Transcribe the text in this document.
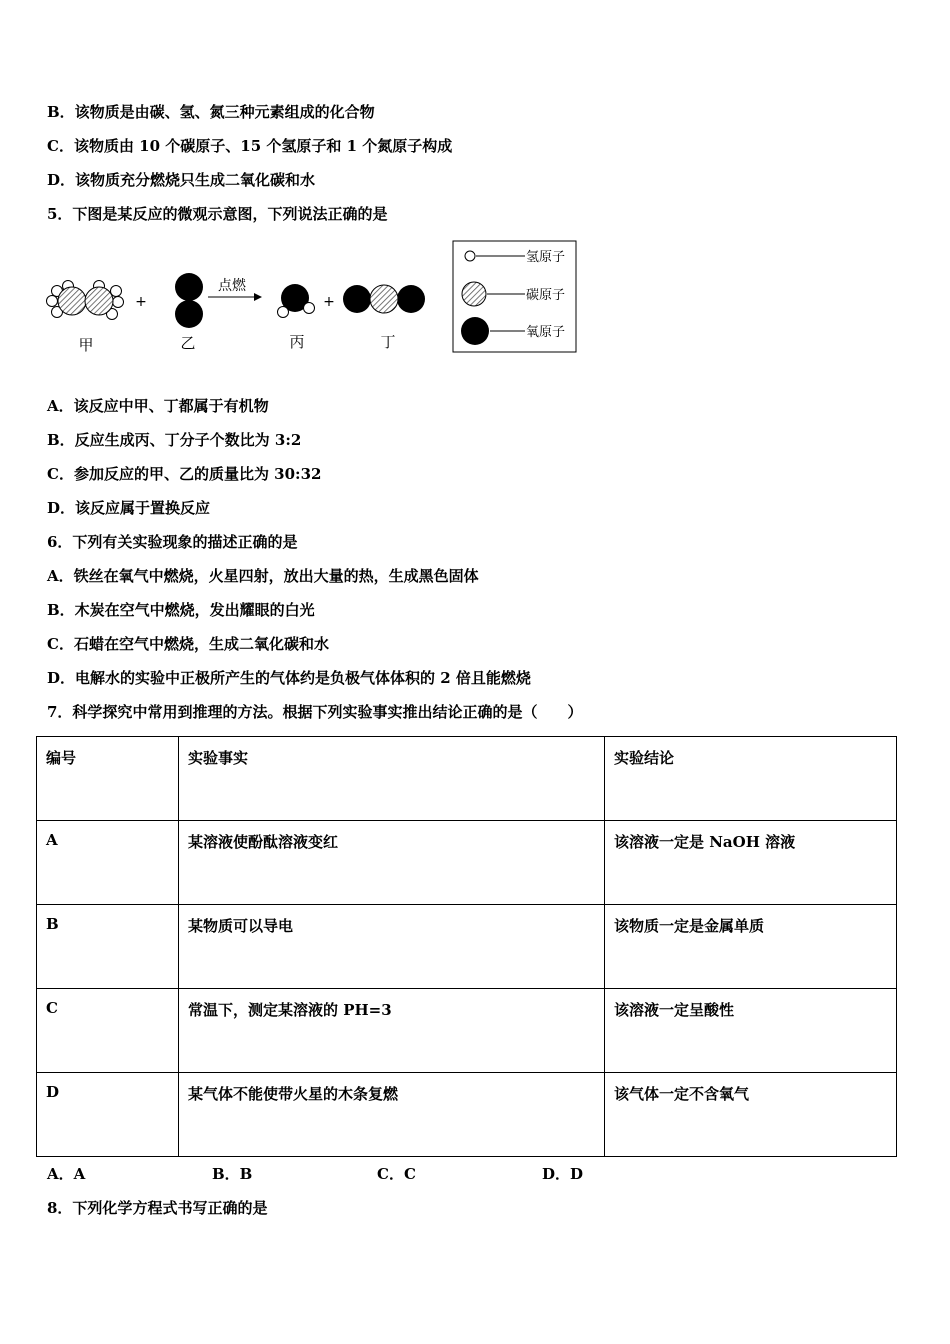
B．该物质是由碳、氢、氮三种元素组成的化合物
C．该物质由 10 个碳原子、15 个氢原子和 1 个氮原子构成
D．该物质充分燃烧只生成二氧化碳和水
5．下图是某反应的微观示意图，下列说法正确的是
+
点燃
+
甲	乙	丙	丁
氢原子
碳原子
氧原子
A．该反应中甲、丁都属于有机物
B．反应生成丙、丁分子个数比为 3:2
C．参加反应的甲、乙的质量比为 30:32
D．该反应属于置换反应
6．下列有关实验现象的描述正确的是
A．铁丝在氧气中燃烧，火星四射，放出大量的热，生成黑色固体
B．木炭在空气中燃烧，发出耀眼的白光
C．石蜡在空气中燃烧，生成二氧化碳和水
D．电解水的实验中正极所产生的气体约是负极气体体积的 2 倍且能燃烧
7．科学探究中常用到推理的方法。根据下列实验事实推出结论正确的是（　　）
编号	实验事实	实验结论
A	某溶液使酚酞溶液变红	该溶液一定是 NaOH 溶液
B	某物质可以导电	该物质一定是金属单质
C	常温下，测定某溶液的 PH=3	该溶液一定呈酸性
D	某气体不能使带火星的木条复燃	该气体一定不含氧气
A．A	B．B	C．C	D．D
8．下列化学方程式书写正确的是
